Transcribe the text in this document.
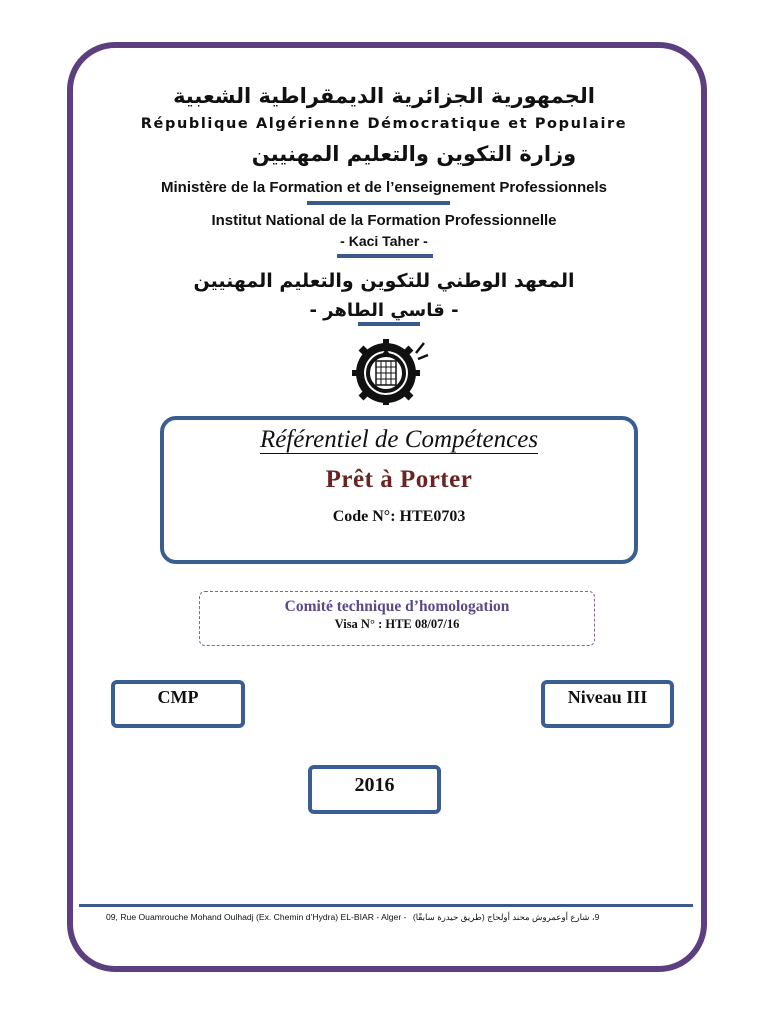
الجمهورية الجزائرية الديمقراطية الشعبية
République Algérienne Démocratique et Populaire
وزارة التكوين والتعليم المهنيين
Ministère de la Formation et de l’enseignement Professionnels
Institut National de la Formation Professionnelle
- Kaci Taher -
المعهد الوطني للتكوين والتعليم المهنيين
- قاسي الطاهر -
Référentiel de Compétences
Prêt à Porter
Code N°: HTE0703
Comité technique d’homologation
Visa N° : HTE 08/07/16
CMP	Niveau III
2016
09, Rue Ouamrouche Mohand Oulhadj (Ex. Chemin d’Hydra) EL-BIAR - Alger - 9، شارع أوعمروش محند أولحاج (طريق حيدرة سابقًا)
